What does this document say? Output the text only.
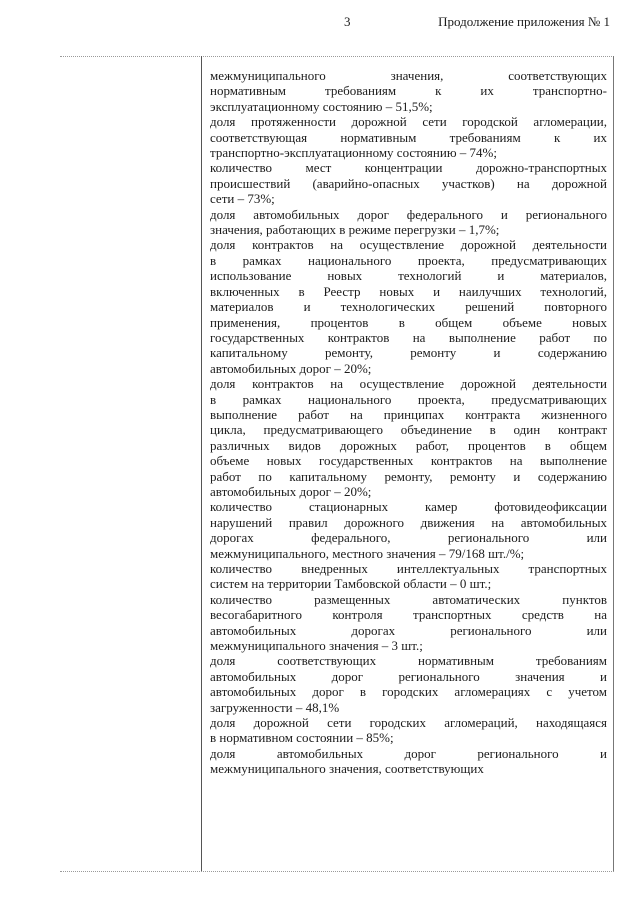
3	Продолжение приложения № 1
межмуниципального значения, соответствующих
нормативным требованиям к их транспортно-
эксплуатационному состоянию – 51,5%;
доля протяженности дорожной сети городской агломерации,
соответствующая нормативным требованиям к их
транспортно-эксплуатационному состоянию – 74%;
количество мест концентрации дорожно-транспортных
происшествий (аварийно-опасных участков) на дорожной
сети – 73%;
доля автомобильных дорог федерального и регионального
значения, работающих в режиме перегрузки – 1,7%;
доля контрактов на осуществление дорожной деятельности
в рамках национального проекта, предусматривающих
использование новых технологий и материалов,
включенных в Реестр новых и наилучших технологий,
материалов и технологических решений повторного
применения, процентов в общем объеме новых
государственных контрактов на выполнение работ по
капитальному ремонту, ремонту и содержанию
автомобильных дорог – 20%;
доля контрактов на осуществление дорожной деятельности
в рамках национального проекта, предусматривающих
выполнение работ на принципах контракта жизненного
цикла, предусматривающего объединение в один контракт
различных видов дорожных работ, процентов в общем
объеме новых государственных контрактов на выполнение
работ по капитальному ремонту, ремонту и содержанию
автомобильных дорог – 20%;
количество стационарных камер фотовидеофиксации
нарушений правил дорожного движения на автомобильных
дорогах федерального, регионального или
межмуниципального, местного значения – 79/168 шт./%;
количество внедренных интеллектуальных транспортных
систем на территории Тамбовской области – 0 шт.;
количество размещенных автоматических пунктов
весогабаритного контроля транспортных средств на
автомобильных дорогах регионального или
межмуниципального значения – 3 шт.;
доля соответствующих нормативным требованиям
автомобильных дорог регионального значения и
автомобильных дорог в городских агломерациях с учетом
загруженности – 48,1%
доля дорожной сети городских агломераций, находящаяся
в нормативном состоянии – 85%;
доля автомобильных дорог регионального и
межмуниципального значения, соответствующих
